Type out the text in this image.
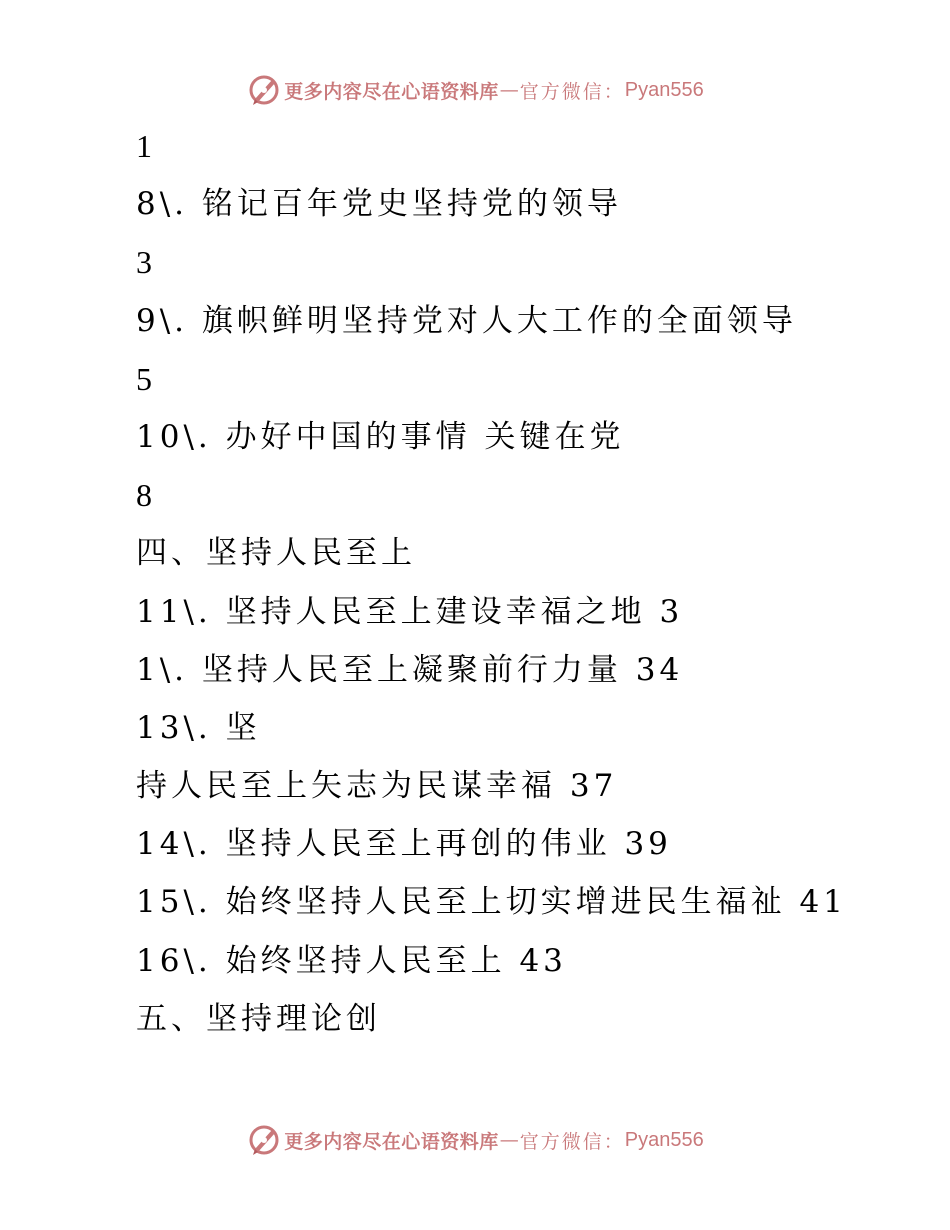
更多内容尽在心语资料库 — 官方微信： Pyan556
1
8\. 铭记百年党史坚持党的领导
3
9\. 旗帜鲜明坚持党对人大工作的全面领导
5
10\. 办好中国的事情 关键在党
8
四、坚持人民至上
11\. 坚持人民至上建设幸福之地 3
1\. 坚持人民至上凝聚前行力量 34
13\. 坚
持人民至上矢志为民谋幸福 37
14\. 坚持人民至上再创的伟业 39
15\. 始终坚持人民至上切实增进民生福祉 41
16\. 始终坚持人民至上 43
五、坚持理论创
更多内容尽在心语资料库 — 官方微信： Pyan556
